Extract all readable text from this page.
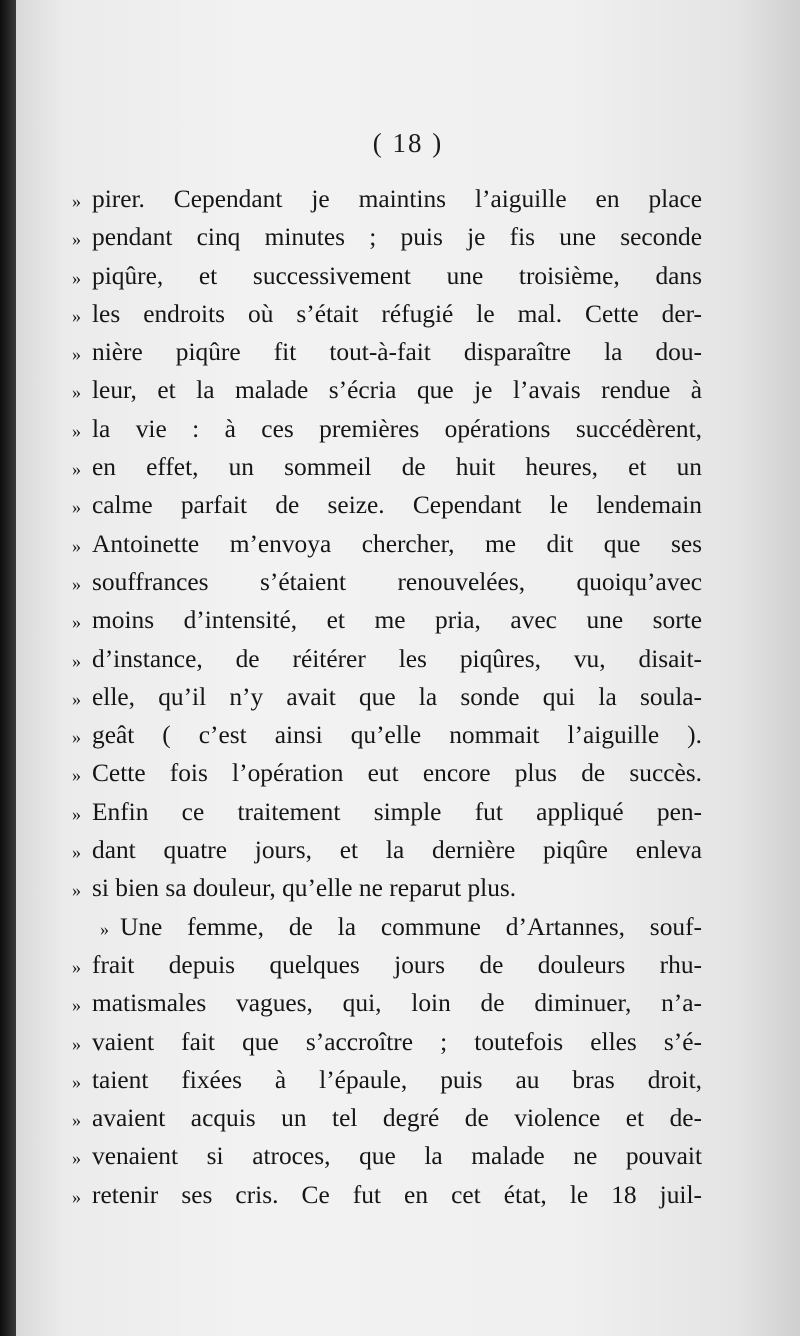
( 18 )
» pirer. Cependant je maintins l’aiguille en place
» pendant cinq minutes ; puis je fis une seconde
» piqûre, et successivement une troisième, dans
» les endroits où s’était réfugié le mal. Cette der-
» nière piqûre fit tout-à-fait disparaître la dou-
» leur, et la malade s’écria que je l’avais rendue à
» la vie : à ces premières opérations succédèrent,
» en effet, un sommeil de huit heures, et un
» calme parfait de seize. Cependant le lendemain
» Antoinette m’envoya chercher, me dit que ses
» souffrances s’étaient renouvelées, quoiqu’avec
» moins d’intensité, et me pria, avec une sorte
» d’instance, de réitérer les piqûres, vu, disait-
» elle, qu’il n’y avait que la sonde qui la soula-
» geât ( c’est ainsi qu’elle nommait l’aiguille ).
» Cette fois l’opération eut encore plus de succès.
» Enfin ce traitement simple fut appliqué pen-
» dant quatre jours, et la dernière piqûre enleva
» si bien sa douleur, qu’elle ne reparut plus.
» Une femme, de la commune d’Artannes, souf-
» frait depuis quelques jours de douleurs rhu-
» matismales vagues, qui, loin de diminuer, n’a-
» vaient fait que s’accroître ; toutefois elles s’é-
» taient fixées à l’épaule, puis au bras droit,
» avaient acquis un tel degré de violence et de-
» venaient si atroces, que la malade ne pouvait
» retenir ses cris. Ce fut en cet état, le 18 juil-
